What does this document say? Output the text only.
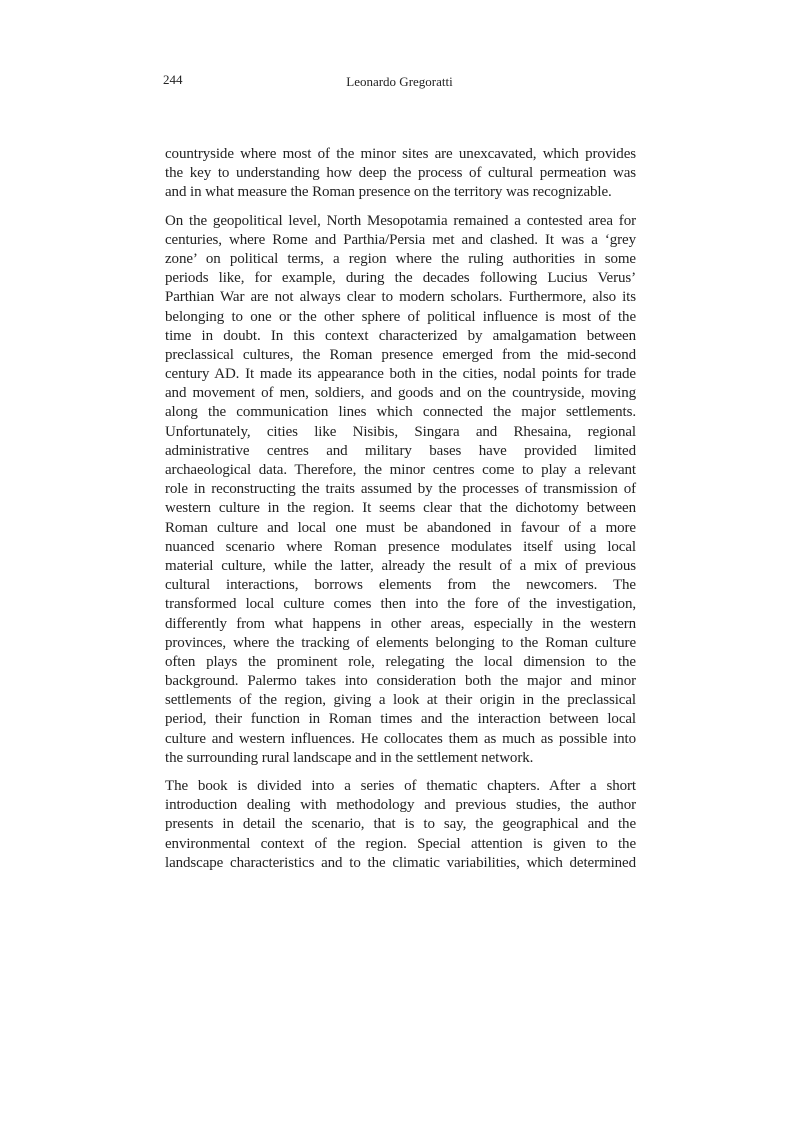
244	Leonardo Gregoratti
countryside where most of the minor sites are unexcavated, which provides
the key to understanding how deep the process of cultural permeation was
and in what measure the Roman presence on the territory was recognizable.
On the geopolitical level, North Mesopotamia remained a contested area for
centuries, where Rome and Parthia/Persia met and clashed. It was a ‘grey
zone’ on political terms, a region where the ruling authorities in some
periods like, for example, during the decades following Lucius Verus’
Parthian War are not always clear to modern scholars. Furthermore, also its
belonging to one or the other sphere of political influence is most of the
time in doubt. In this context characterized by amalgamation between
preclassical cultures, the Roman presence emerged from the mid-second
century AD. It made its appearance both in the cities, nodal points for trade
and movement of men, soldiers, and goods and on the countryside, moving
along the communication lines which connected the major settlements.
Unfortunately, cities like Nisibis, Singara and Rhesaina, regional
administrative centres and military bases have provided limited
archaeological data. Therefore, the minor centres come to play a relevant
role in reconstructing the traits assumed by the processes of transmission of
western culture in the region. It seems clear that the dichotomy between
Roman culture and local one must be abandoned in favour of a more
nuanced scenario where Roman presence modulates itself using local
material culture, while the latter, already the result of a mix of previous
cultural interactions, borrows elements from the newcomers. The
transformed local culture comes then into the fore of the investigation,
differently from what happens in other areas, especially in the western
provinces, where the tracking of elements belonging to the Roman culture
often plays the prominent role, relegating the local dimension to the
background. Palermo takes into consideration both the major and minor
settlements of the region, giving a look at their origin in the preclassical
period, their function in Roman times and the interaction between local
culture and western influences. He collocates them as much as possible into
the surrounding rural landscape and in the settlement network.
The book is divided into a series of thematic chapters. After a short
introduction dealing with methodology and previous studies, the author
presents in detail the scenario, that is to say, the geographical and the
environmental context of the region. Special attention is given to the
landscape characteristics and to the climatic variabilities, which determined
